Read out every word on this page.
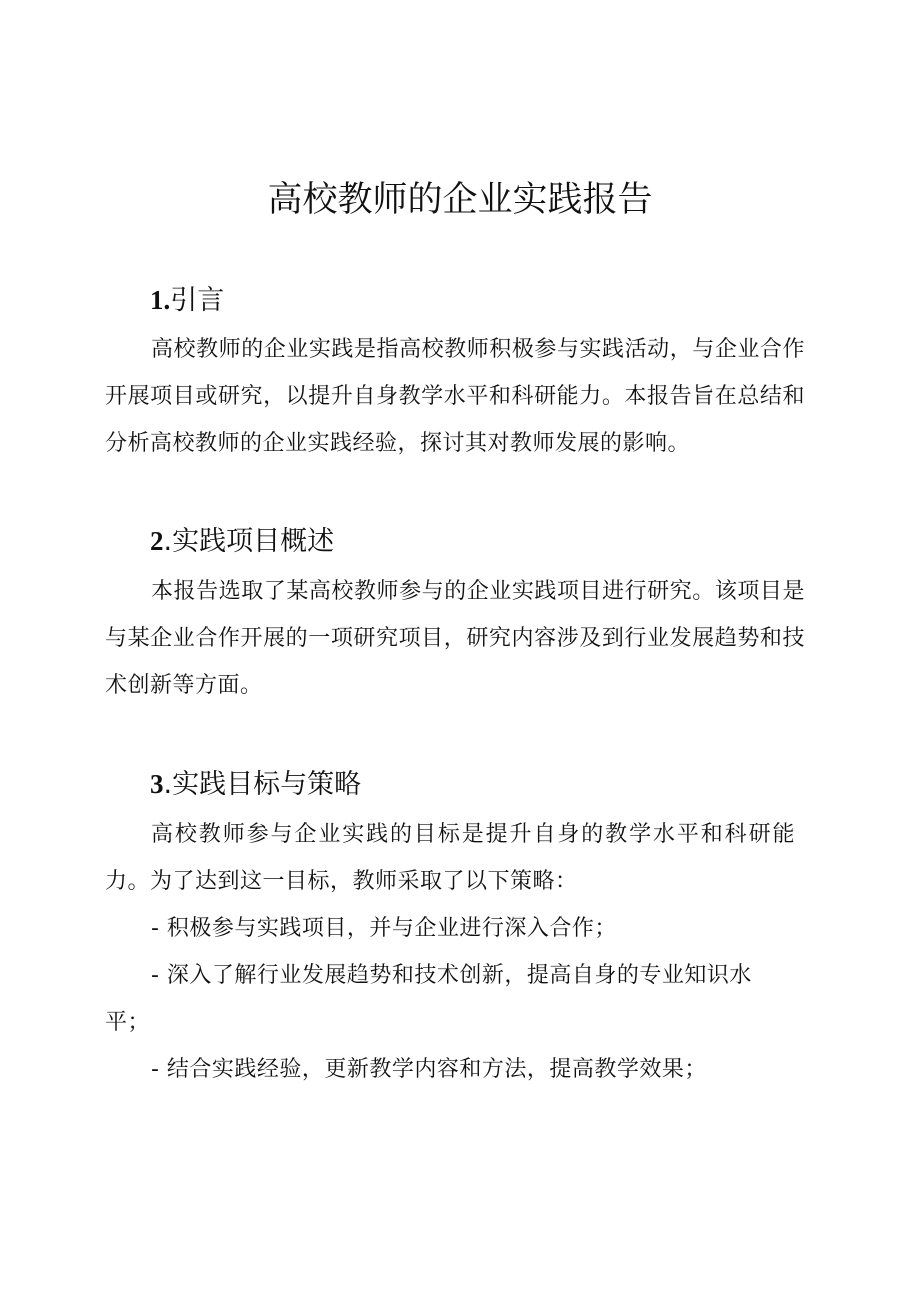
高校教师的企业实践报告
1.引言

高校教师的企业实践是指高校教师积极参与实践活动，与企业合作开展项目或研究，以提升自身教学水平和科研能力。本报告旨在总结和分析高校教师的企业实践经验，探讨其对教师发展的影响。

2.实践项目概述

本报告选取了某高校教师参与的企业实践项目进行研究。该项目是与某企业合作开展的一项研究项目，研究内容涉及到行业发展趋势和技术创新等方面。

3.实践目标与策略

高校教师参与企业实践的目标是提升自身的教学水平和科研能力。为了达到这一目标，教师采取了以下策略：

- 积极参与实践项目，并与企业进行深入合作；

- 深入了解行业发展趋势和技术创新，提高自身的专业知识水平；

- 结合实践经验，更新教学内容和方法，提高教学效果；
